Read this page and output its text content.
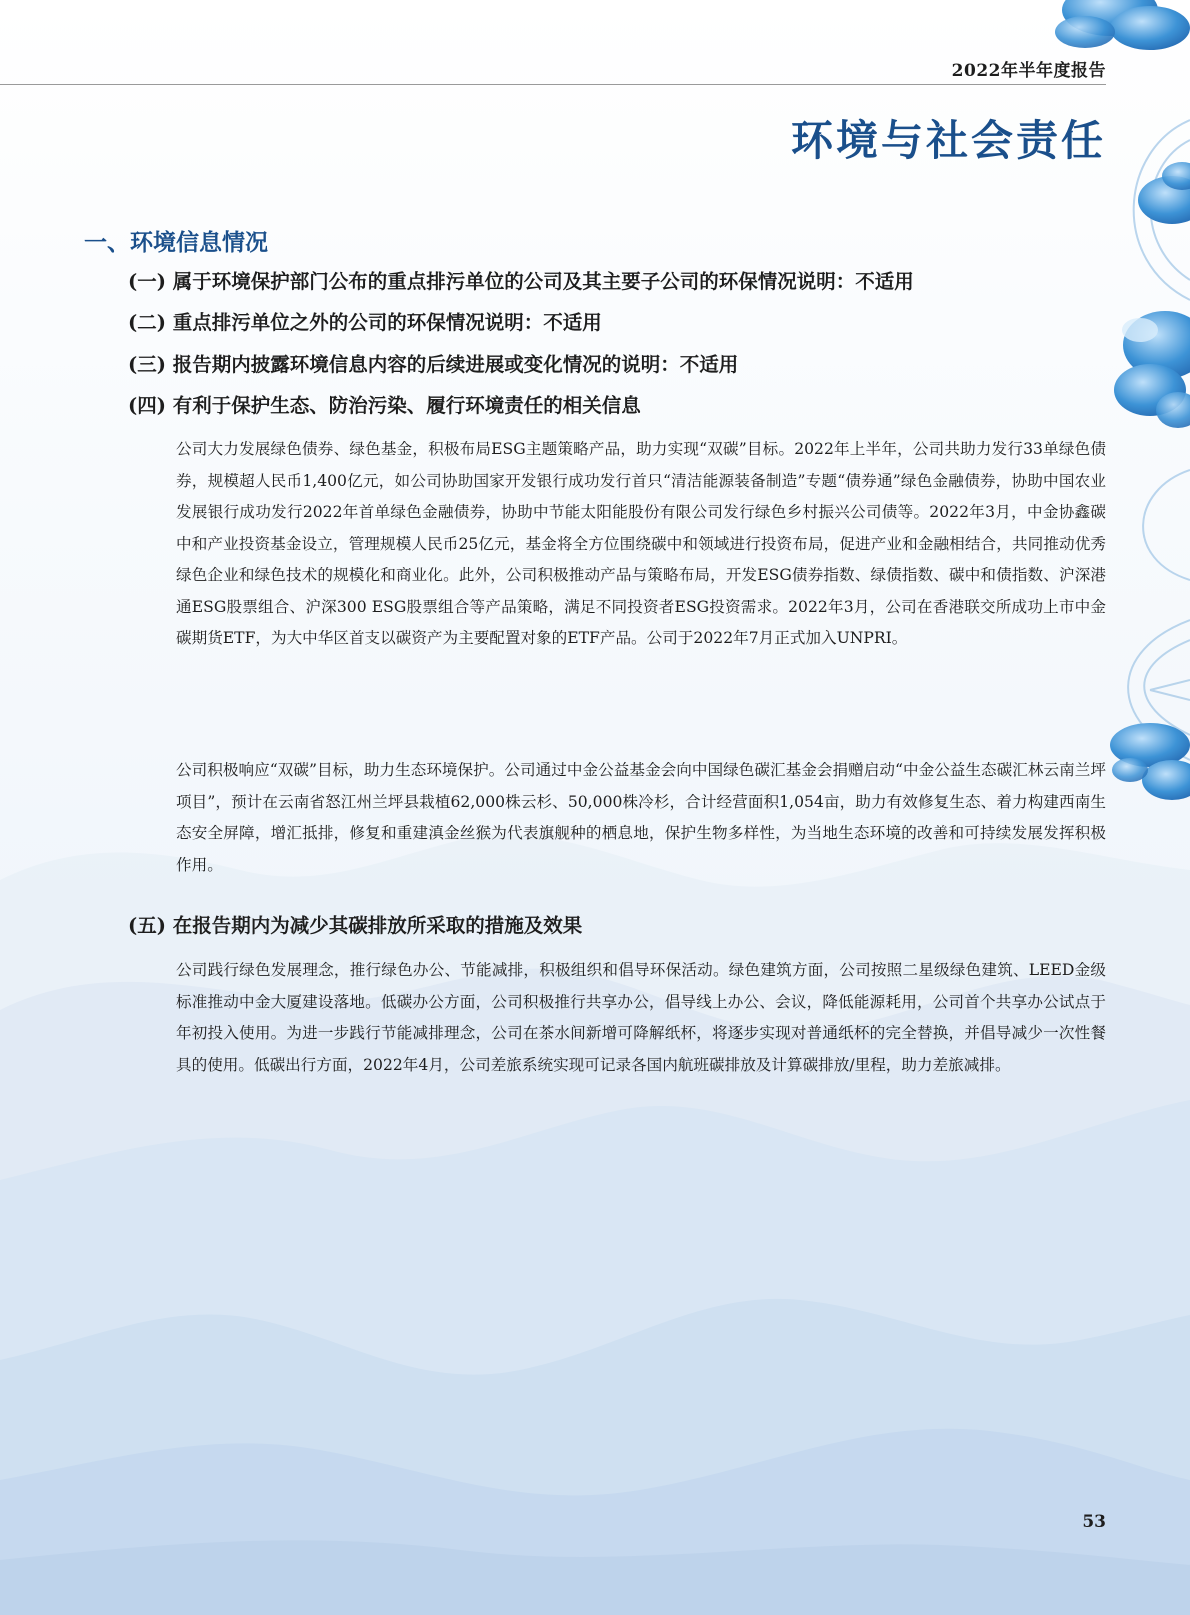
2022年半年度报告
环境与社会责任
一、环境信息情况
(一) 属于环境保护部门公布的重点排污单位的公司及其主要子公司的环保情况说明：不适用
(二) 重点排污单位之外的公司的环保情况说明：不适用
(三) 报告期内披露环境信息内容的后续进展或变化情况的说明：不适用
(四) 有利于保护生态、防治污染、履行环境责任的相关信息

公司大力发展绿色债券、绿色基金，积极布局ESG主题策略产品，助力实现“双碳”目标。2022年上半年，公司共助力发行33单绿色债券，规模超人民币1,400亿元，如公司协助国家开发银行成功发行首只“清洁能源装备制造”专题“债券通”绿色金融债券，协助中国农业发展银行成功发行2022年首单绿色金融债券，协助中节能太阳能股份有限公司发行绿色乡村振兴公司债等。2022年3月，中金协鑫碳中和产业投资基金设立，管理规模人民币25亿元，基金将全方位围绕碳中和领域进行投资布局，促进产业和金融相结合，共同推动优秀绿色企业和绿色技术的规模化和商业化。此外，公司积极推动产品与策略布局，开发ESG债券指数、绿债指数、碳中和债指数、沪深港通ESG股票组合、沪深300 ESG股票组合等产品策略，满足不同投资者ESG投资需求。2022年3月，公司在香港联交所成功上市中金碳期货ETF，为大中华区首支以碳资产为主要配置对象的ETF产品。公司于2022年7月正式加入UNPRI。

公司积极响应“双碳”目标，助力生态环境保护。公司通过中金公益基金会向中国绿色碳汇基金会捐赠启动“中金公益生态碳汇林云南兰坪项目”，预计在云南省怒江州兰坪县栽植62,000株云杉、50,000株冷杉，合计经营面积1,054亩，助力有效修复生态、着力构建西南生态安全屏障，增汇抵排，修复和重建滇金丝猴为代表旗舰种的栖息地，保护生物多样性，为当地生态环境的改善和可持续发展发挥积极作用。

(五) 在报告期内为减少其碳排放所采取的措施及效果

公司践行绿色发展理念，推行绿色办公、节能减排，积极组织和倡导环保活动。绿色建筑方面，公司按照二星级绿色建筑、LEED金级标准推动中金大厦建设落地。低碳办公方面，公司积极推行共享办公，倡导线上办公、会议，降低能源耗用，公司首个共享办公试点于年初投入使用。为进一步践行节能减排理念，公司在茶水间新增可降解纸杯，将逐步实现对普通纸杯的完全替换，并倡导减少一次性餐具的使用。低碳出行方面，2022年4月，公司差旅系统实现可记录各国内航班碳排放及计算碳排放/里程，助力差旅减排。

53
